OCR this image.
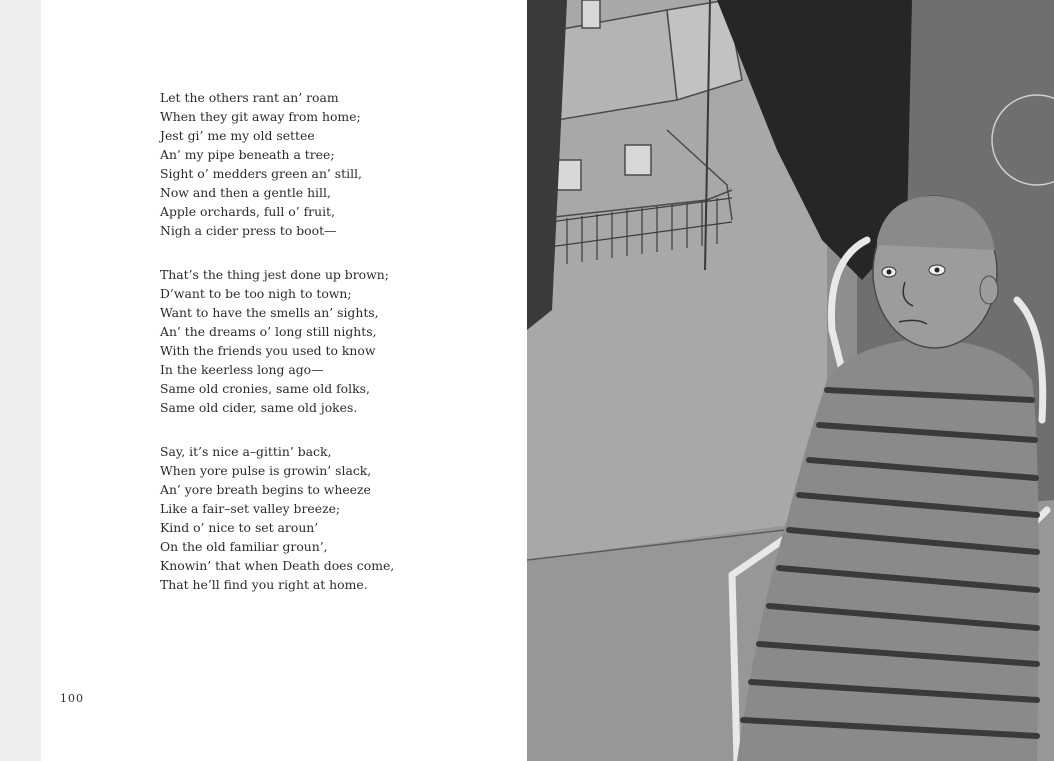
Let the others rant an’ roam
When they git away from home;
Jest gi’ me my old settee
An’ my pipe beneath a tree;
Sight o’ medders green an’ still,
Now and then a gentle hill,
Apple orchards, full o’ fruit,
Nigh a cider press to boot—
That’s the thing jest done up brown;
D’want to be too nigh to town;
Want to have the smells an’ sights,
An’ the dreams o’ long still nights,
With the friends you used to know
In the keerless long ago—
Same old cronies, same old folks,
Same old cider, same old jokes.
Say, it’s nice a–gittin’ back,
When yore pulse is growin’ slack,
An’ yore breath begins to wheeze
Like a fair–set valley breeze;
Kind o’ nice to set aroun’
On the old familiar groun’,
Knowin’ that when Death does come,
That he’ll find you right at home.
100
